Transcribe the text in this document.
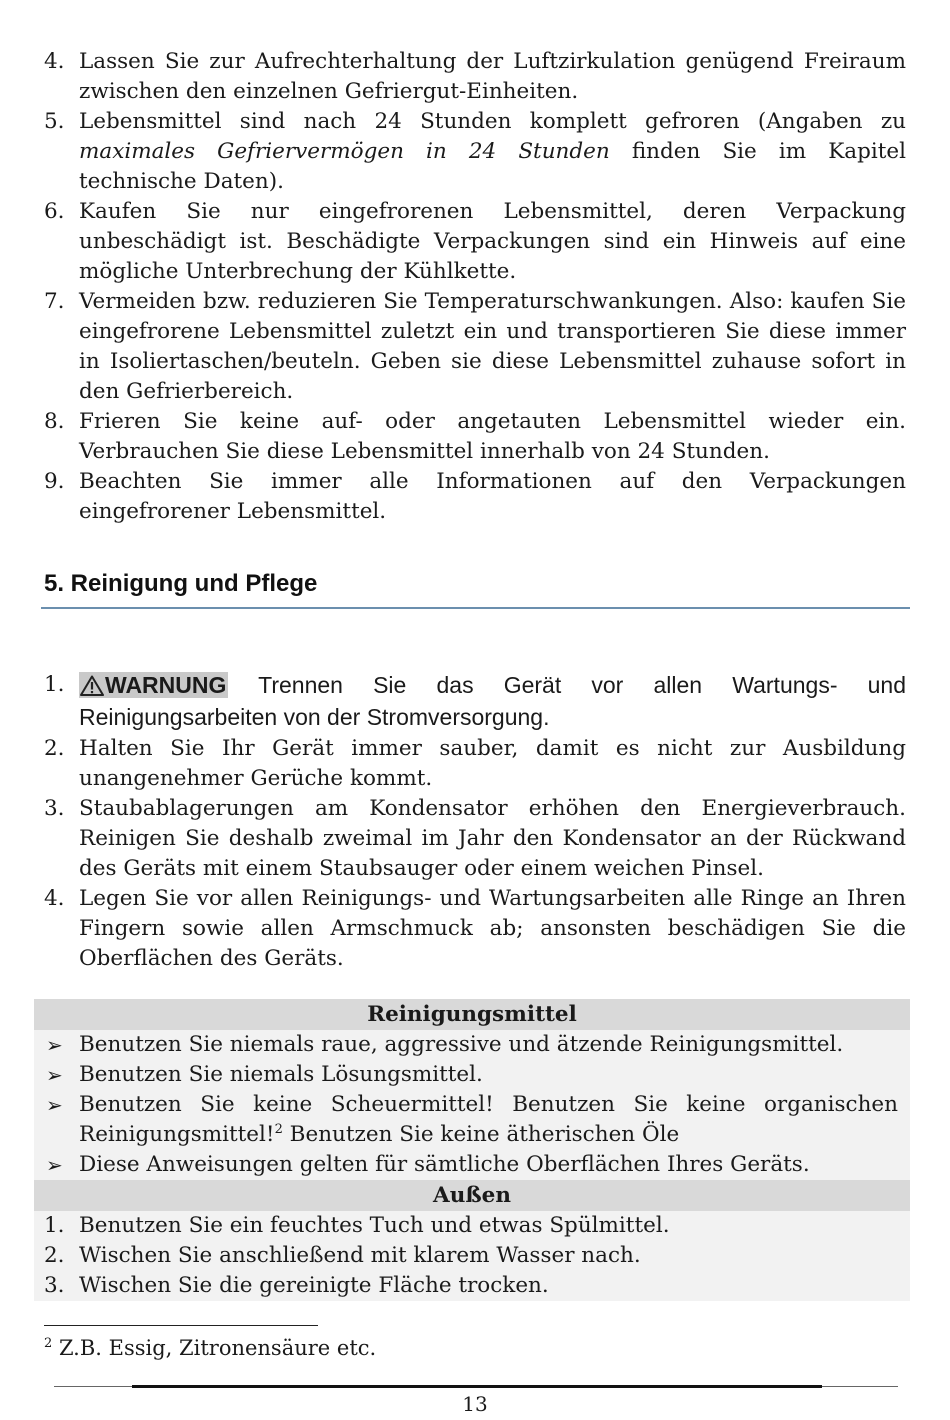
4. Lassen Sie zur Aufrechterhaltung der Luftzirkulation genügend Freiraum zwischen den einzelnen Gefriergut-Einheiten.
5. Lebensmittel sind nach 24 Stunden komplett gefroren (Angaben zu maximales Gefriervermögen in 24 Stunden finden Sie im Kapitel technische Daten).
6. Kaufen Sie nur eingefrorenen Lebensmittel, deren Verpackung unbeschädigt ist. Beschädigte Verpackungen sind ein Hinweis auf eine mögliche Unterbrechung der Kühlkette.
7. Vermeiden bzw. reduzieren Sie Temperaturschwankungen. Also: kaufen Sie eingefrorene Lebensmittel zuletzt ein und transportieren Sie diese immer in Isoliertaschen/beuteln. Geben sie diese Lebensmittel zuhause sofort in den Gefrierbereich.
8. Frieren Sie keine auf- oder angetauten Lebensmittel wieder ein. Verbrauchen Sie diese Lebensmittel innerhalb von 24 Stunden.
9. Beachten Sie immer alle Informationen auf den Verpackungen eingefrorener Lebensmittel.
5. Reinigung und Pflege
1. WARNUNG Trennen Sie das Gerät vor allen Wartungs- und Reinigungsarbeiten von der Stromversorgung.
2. Halten Sie Ihr Gerät immer sauber, damit es nicht zur Ausbildung unangenehmer Gerüche kommt.
3. Staubablagerungen am Kondensator erhöhen den Energieverbrauch. Reinigen Sie deshalb zweimal im Jahr den Kondensator an der Rückwand des Geräts mit einem Staubsauger oder einem weichen Pinsel.
4. Legen Sie vor allen Reinigungs- und Wartungsarbeiten alle Ringe an Ihren Fingern sowie allen Armschmuck ab; ansonsten beschädigen Sie die Oberflächen des Geräts.
Reinigungsmittel
➢ Benutzen Sie niemals raue, aggressive und ätzende Reinigungsmittel.
➢ Benutzen Sie niemals Lösungsmittel.
➢ Benutzen Sie keine Scheuermittel! Benutzen Sie keine organischen Reinigungsmittel!$^2$ Benutzen Sie keine ätherischen Öle
➢ Diese Anweisungen gelten für sämtliche Oberflächen Ihres Geräts.
Außen
1. Benutzen Sie ein feuchtes Tuch und etwas Spülmittel.
2. Wischen Sie anschließend mit klarem Wasser nach.
3. Wischen Sie die gereinigte Fläche trocken.
$^2$ Z.B. Essig, Zitronensäure etc.
13
